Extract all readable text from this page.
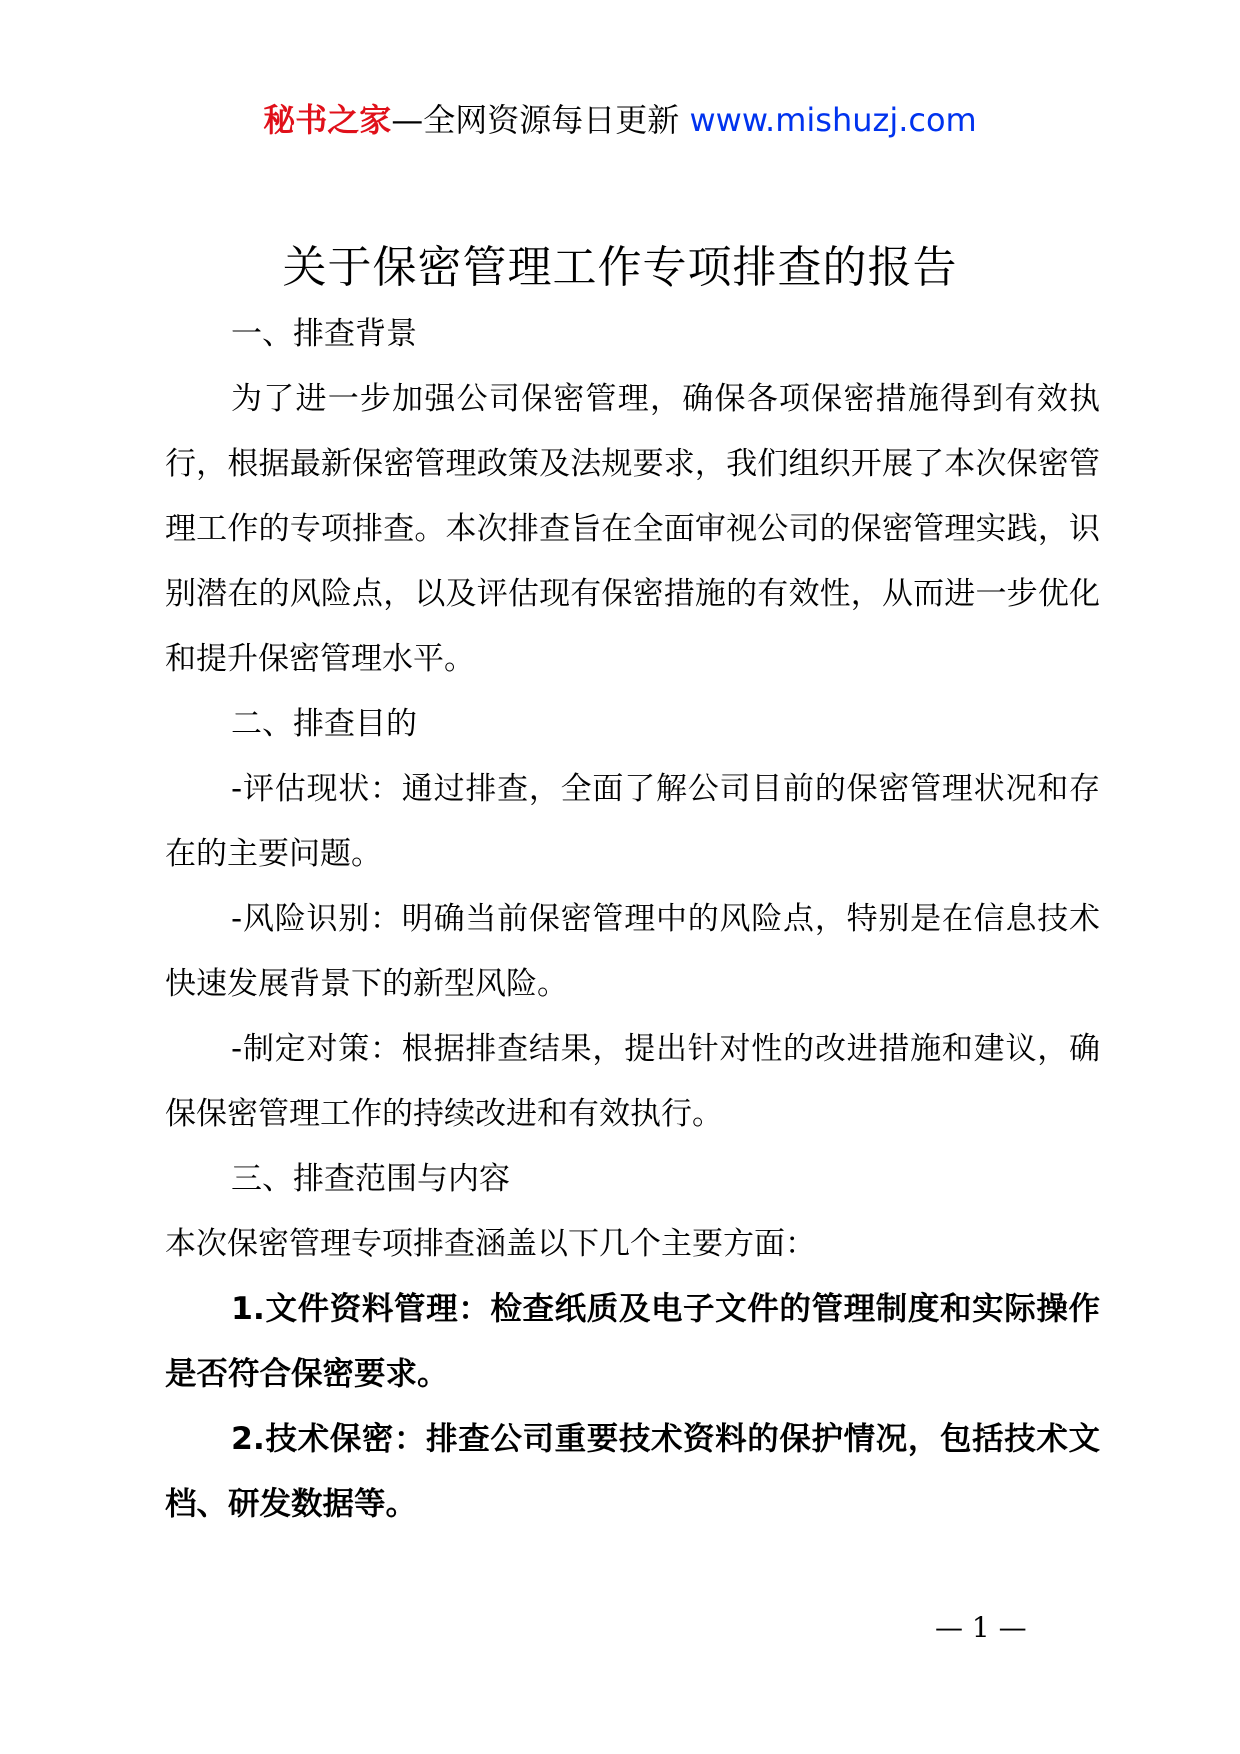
秘书之家—全网资源每日更新 www.mishuzj.com
关于保密管理工作专项排查的报告

一、排查背景

为了进一步加强公司保密管理，确保各项保密措施得到有效执行，根据最新保密管理政策及法规要求，我们组织开展了本次保密管理工作的专项排查。本次排查旨在全面审视公司的保密管理实践，识别潜在的风险点，以及评估现有保密措施的有效性，从而进一步优化和提升保密管理水平。

二、排查目的

-评估现状：通过排查，全面了解公司目前的保密管理状况和存在的主要问题。

-风险识别：明确当前保密管理中的风险点，特别是在信息技术快速发展背景下的新型风险。

-制定对策：根据排查结果，提出针对性的改进措施和建议，确保保密管理工作的持续改进和有效执行。

三、排查范围与内容

本次保密管理专项排查涵盖以下几个主要方面：

1.文件资料管理：检查纸质及电子文件的管理制度和实际操作是否符合保密要求。

2.技术保密：排查公司重要技术资料的保护情况，包括技术文档、研发数据等。

— 1 —
